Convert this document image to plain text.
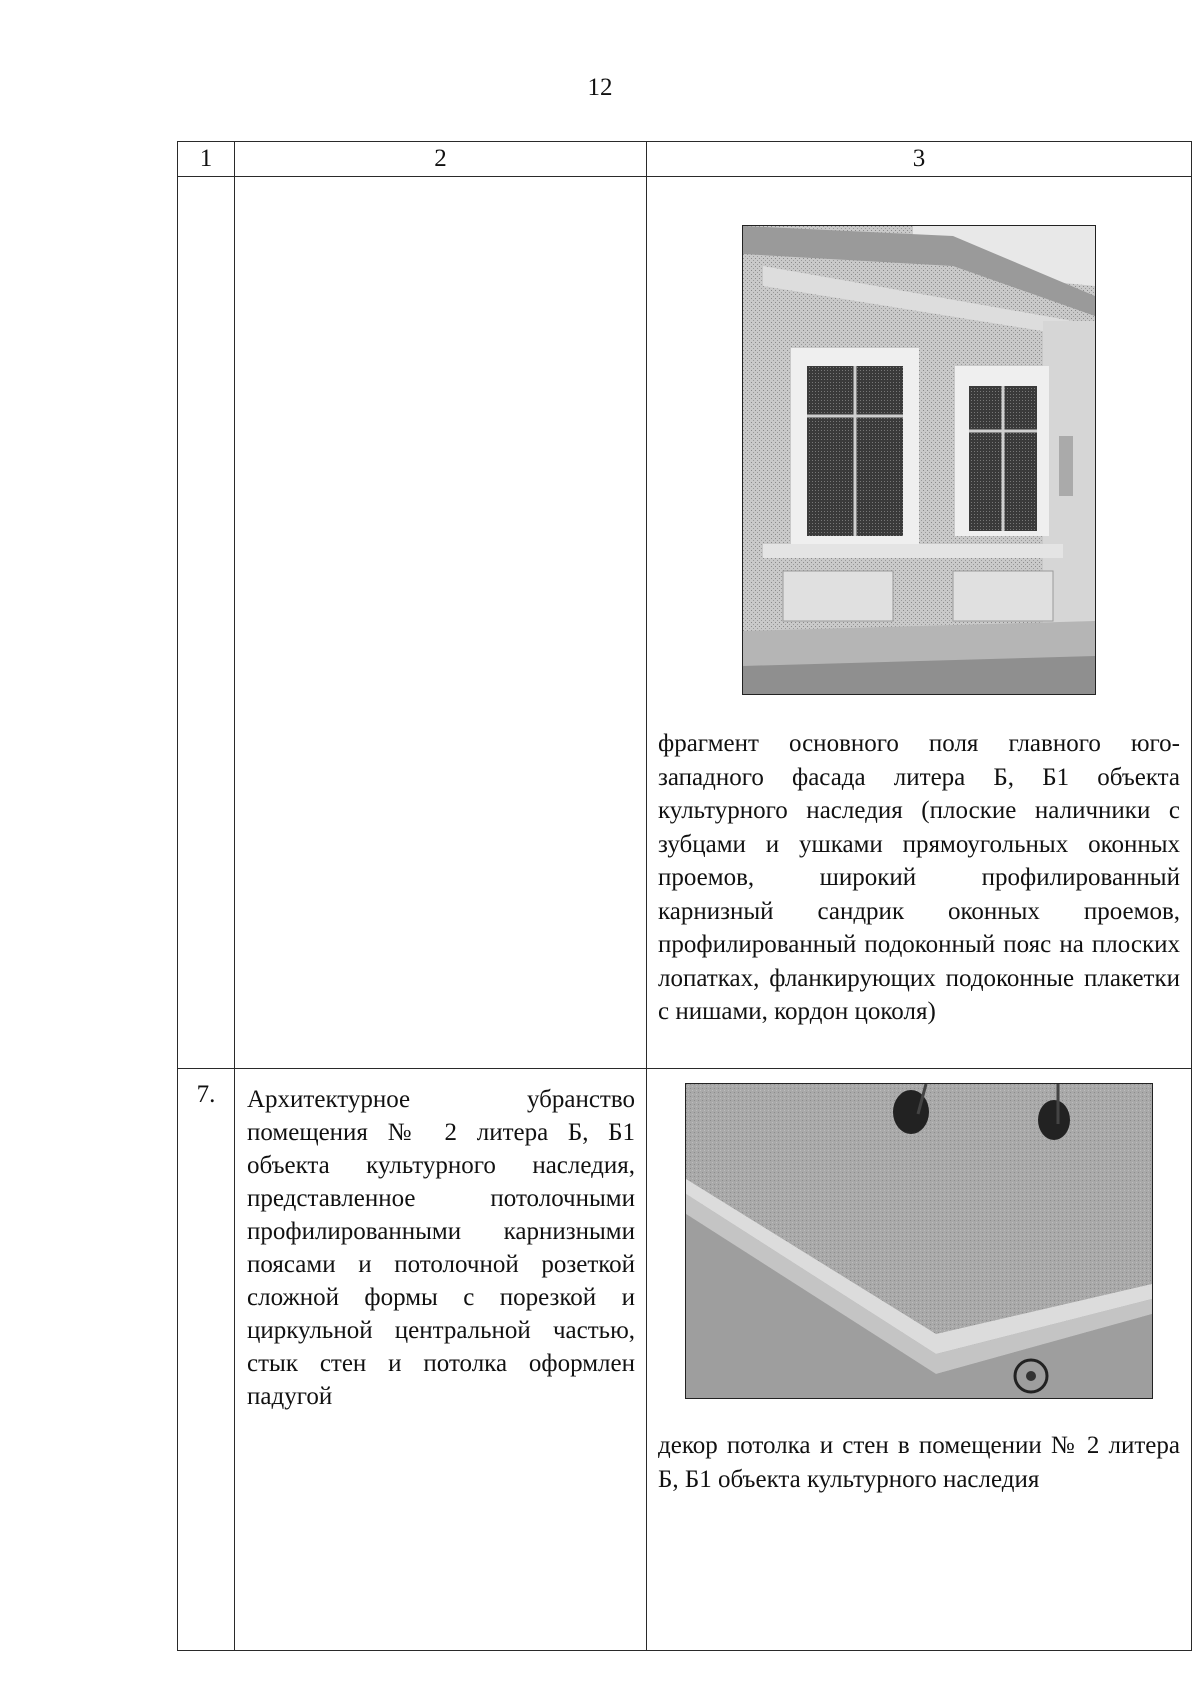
12
1	2	3

		фрагмент основного поля главного юго-западного фасада литера Б, Б1 объекта культурного наследия (плоские наличники с зубцами и ушками прямоугольных оконных проемов, широкий профилированный карнизный сандрик оконных проемов, профилированный подоконный пояс на плоских лопатках, фланкирующих подоконные плакетки с нишами, кордон цоколя)

7.	Архитектурное убранство помещения № 2 литера Б, Б1 объекта культурного наследия, представленное потолочными профилированными карнизными поясами и потолочной розеткой сложной формы с порезкой и циркульной центральной частью, стык стен и потолка оформлен падугой	декор потолка и стен в помещении № 2 литера Б, Б1 объекта культурного наследия
